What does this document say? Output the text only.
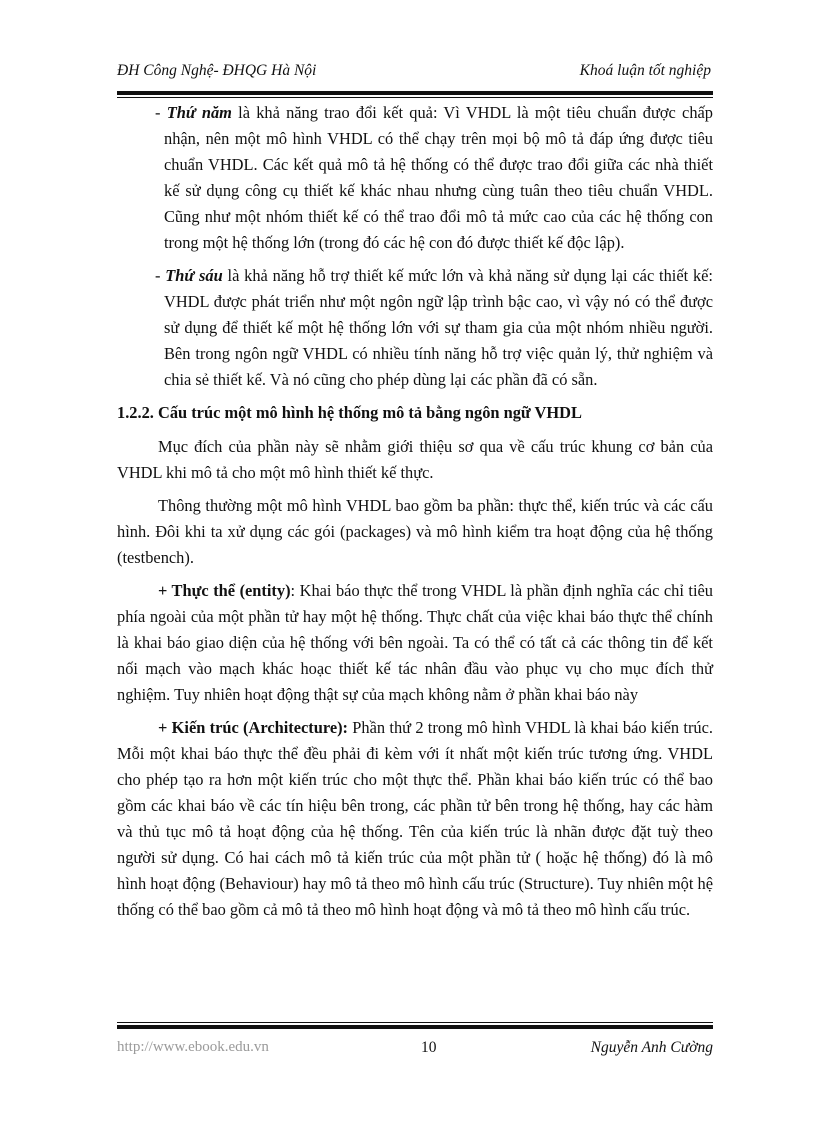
ĐH Công Nghệ- ĐHQG Hà Nội	Khoá luận tốt nghiệp

- Thứ năm là khả năng trao đổi kết quả: Vì VHDL là một tiêu chuẩn được chấp nhận, nên một mô hình VHDL có thể chạy trên mọi bộ mô tả đáp ứng được tiêu chuẩn VHDL. Các kết quả mô tả hệ thống có thể được trao đổi giữa các nhà thiết kế sử dụng công cụ thiết kế khác nhau nhưng cùng tuân theo tiêu chuẩn VHDL. Cũng như một nhóm thiết kế có thể trao đổi mô tả mức cao của các hệ thống con trong một hệ thống lớn (trong đó các hệ con đó được thiết kế độc lập).

- Thứ sáu là khả năng hỗ trợ thiết kế mức lớn và khả năng sử dụng lại các thiết kế: VHDL được phát triển như một ngôn ngữ lập trình bậc cao, vì vậy nó có thể được sử dụng để thiết kế một hệ thống lớn với sự tham gia của một nhóm nhiều người. Bên trong ngôn ngữ VHDL có nhiều tính năng hỗ trợ việc quản lý, thử nghiệm và chia sẻ thiết kế. Và nó cũng cho phép dùng lại các phần đã có sẵn.

1.2.2. Cấu trúc một mô hình hệ thống mô tả bằng ngôn ngữ VHDL

Mục đích của phần này sẽ nhằm giới thiệu sơ qua về cấu trúc khung cơ bản của VHDL khi mô tả cho một mô hình thiết kế thực.

Thông thường một mô hình VHDL bao gồm ba phần: thực thể, kiến trúc và các cấu hình. Đôi khi ta xử dụng các gói (packages) và mô hình kiểm tra hoạt động của hệ thống (testbench).

+ Thực thể (entity): Khai báo thực thể trong VHDL là phần định nghĩa các chỉ tiêu phía ngoài của một phần tử hay một hệ thống. Thực chất của việc khai báo thực thể chính là khai báo giao diện của hệ thống với bên ngoài. Ta có thể có tất cả các thông tin để kết nối mạch vào mạch khác hoạc thiết kế tác nhân đầu vào phục vụ cho mục đích thử nghiệm. Tuy nhiên hoạt động thật sự của mạch không nằm ở phần khai báo này

+ Kiến trúc (Architecture): Phần thứ 2 trong mô hình VHDL là khai báo kiến trúc. Mỗi một khai báo thực thể đều phải đi kèm với ít nhất một kiến trúc tương ứng. VHDL cho phép tạo ra hơn một kiến trúc cho một thực thể. Phần khai báo kiến trúc có thể bao gồm các khai báo về các tín hiệu bên trong, các phần tử bên trong hệ thống, hay các hàm và thủ tục mô tả hoạt động của hệ thống. Tên của kiến trúc là nhãn được đặt tuỳ theo người sử dụng. Có hai cách mô tả kiến trúc của một phần tử ( hoặc hệ thống) đó là mô hình hoạt động (Behaviour) hay mô tả theo mô hình cấu trúc (Structure). Tuy nhiên một hệ thống có thể bao gồm cả mô tả theo mô hình hoạt động và mô tả theo mô hình cấu trúc.

http://www.ebook.edu.vn	10	Nguyễn Anh Cường
